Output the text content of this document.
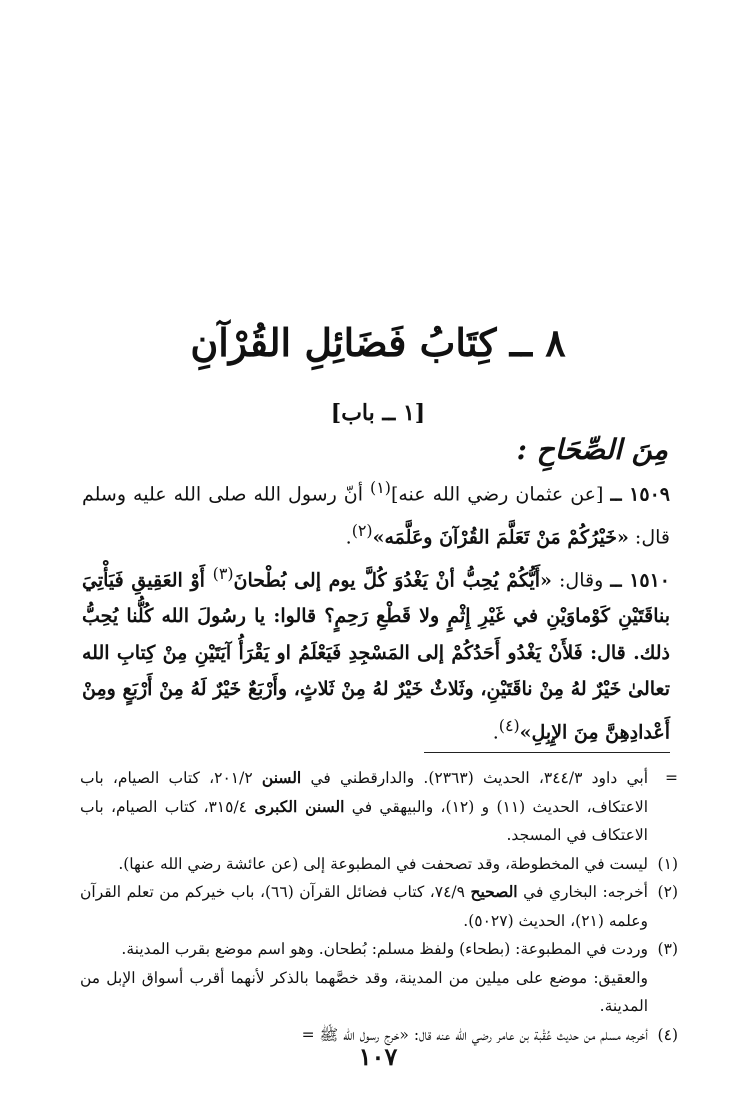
٨ ــ كِتَابُ فَضَائِلِ القُرْآنِ
[١ ــ باب]
مِنَ الصِّحَاحِ :

١٥٠٩ ــ [عن عثمان رضي الله عنه]$^{(١)}$ أنّ رسول الله صلى الله عليه وسلم قال: «خَيْرُكُمْ مَنْ تَعَلَّمَ القُرْآنَ وعَلَّمَه»$^{(٢)}$.

١٥١٠ ــ وقال: «أَيُّكُمْ يُحِبُّ أنْ يَغْدُوَ كُلَّ يوم إلى بُطْحانَ$^{(٣)}$ أَوْ العَقِيقِ فَيَأْتِيَ بناقَتَيْنِ كَوْماوَيْنِ في غَيْرِ إِثْمٍ ولا قَطْعِ رَحِمٍ؟ قالوا: يا رسُولَ الله كُلُّنا يُحِبُّ ذلك. قال: فَلأَنْ يَغْدُو أَحَدُكُمْ إلى المَسْجِدِ فَيَعْلَمُ او يَقْرَأُ آيَتَيْنِ مِنْ كِتابِ الله تعالىٰ خَيْرٌ لهُ مِنْ ناقَتَيْنِ، وثَلاثٌ خَيْرٌ لهُ مِنْ ثَلاثٍ، وأَرْبَعٌ خَيْرٌ لَهُ مِنْ أَرْبَعٍ ومِنْ أَعْدادِهِنَّ مِنَ الإِبِلِ»$^{(٤)}$.

=
أبي داود ٣٤٤/٣، الحديث (٢٣٦٣). والدارقطني في السنن ٢٠١/٢، كتاب الصيام، باب الاعتكاف، الحديث (١١) و (١٢)، والبيهقي في السنن الكبرى ٣١٥/٤، كتاب الصيام، باب الاعتكاف في المسجد.

(١)
ليست في المخطوطة، وقد تصحفت في المطبوعة إلى (عن عائشة رضي الله عنها).

(٢)
أخرجه: البخاري في الصحيح ٧٤/٩، كتاب فضائل القرآن (٦٦)، باب خيركم من تعلم القرآن وعلمه (٢١)، الحديث (٥٠٢٧).

(٣)
وردت في المطبوعة: (بطحاء) ولفظ مسلم: بُطحان. وهو اسم موضع بقرب المدينة.
والعقيق: موضع على ميلين من المدينة، وقد خصَّهما بالذكر لأنهما أقرب أسواق الإبل من المدينة.

(٤)
أخرجه مسلم من حديث عُقْبة بن عامر رضي الله عنه قال: «خرج رسول الله ﷺ =

١٠٧
